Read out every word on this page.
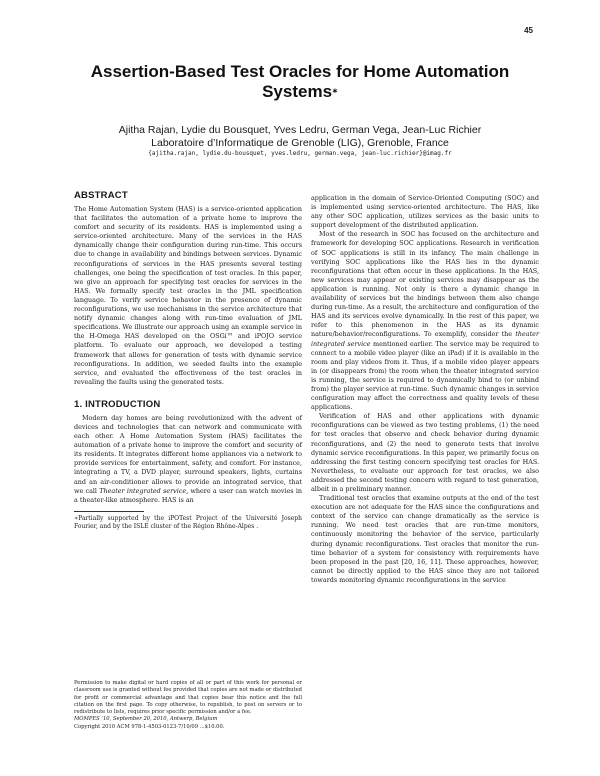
45
Assertion-Based Test Oracles for Home Automation Systems∗
Ajitha Rajan, Lydie du Bousquet, Yves Ledru, German Vega, Jean-Luc Richier
Laboratoire d’Informatique de Grenoble (LIG), Grenoble, France
{ajitha.rajan, lydie.du-bousquet, yves.ledru, german.vega, jean-luc.richier}@imag.fr
ABSTRACT

The Home Automation System (HAS) is a service-oriented application that facilitates the automation of a private home to improve the comfort and security of its residents. HAS is implemented using a service-oriented architecture. Many of the services in the HAS dynamically change their configuration during run-time. This occurs due to change in availability and bindings between services. Dynamic reconfigurations of services in the HAS presents several testing challenges, one being the specification of test oracles. In this paper, we give an approach for specifying test oracles for services in the HAS. We formally specify test oracles in the JML specification language. To verify service behavior in the presence of dynamic reconfigurations, we use mechanisms in the service architecture that notify dynamic changes along with run-time evaluation of JML specifications. We illustrate our approach using an example service in the H-Omega HAS developed on the OSGi™ and iPOJO service platform. To evaluate our approach, we developed a testing framework that allows for generation of tests with dynamic service reconfigurations. In addition, we seeded faults into the example service, and evaluated the effectiveness of the test oracles in revealing the faults using the generated tests.

1. INTRODUCTION

Modern day homes are being revolutionized with the advent of devices and technologies that can network and communicate with each other. A Home Automation System (HAS) facilitates the automation of a private home to improve the comfort and security of its residents. It integrates different home appliances via a network to provide services for entertainment, safety, and comfort. For instance, integrating a TV, a DVD player, surround speakers, lights, curtains and an air-conditioner allows to provide an integrated service, that we call Theater integrated service, where a user can watch movies in a theater-like atmosphere. HAS is an

∗Partially supported by the iPOTest Project of the Université Joseph Fourier, and by the ISLE cluster of the Région Rhône-Alpes .

Permission to make digital or hard copies of all or part of this work for personal or classroom use is granted without fee provided that copies are not made or distributed for profit or commercial advantage and that copies bear this notice and the full citation on the first page. To copy otherwise, to republish, to post on servers or to redistribute to lists, requires prior specific permission and/or a fee.

MOMPES ’10, September 20, 2010, Antwerp, Belgium

Copyright 2010 ACM 978-1-4503-0123-7/10/09 ...$10.00.

application in the domain of Service-Oriented Computing (SOC) and is implemented using service-oriented architecture. The HAS, like any other SOC application, utilizes services as the basic units to support development of the distributed application.

Most of the research in SOC has focused on the architecture and framework for developing SOC applications. Research in verification of SOC applications is still in its infancy. The main challenge in verifying SOC applications like the HAS lies in the dynamic reconfigurations that often occur in these applications. In the HAS, new services may appear or existing services may disappear as the application is running. Not only is there a dynamic change in availability of services but the bindings between them also change during run-time. As a result, the architecture and configuration of the HAS and its services evolve dynamically. In the rest of this paper, we refer to this phenomenon in the HAS as its dynamic nature/behavior/reconfigurations. To exemplify, consider the theater integrated service mentioned earlier. The service may be required to connect to a mobile video player (like an iPad) if it is available in the room and play videos from it. Thus, if a mobile video player appears in (or disappears from) the room when the theater integrated service is running, the service is required to dynamically bind to (or unbind from) the player service at run-time. Such dynamic changes in service configuration may affect the correctness and quality levels of these applications.

Verification of HAS and other applications with dynamic reconfigurations can be viewed as two testing problems, (1) the need for test oracles that observe and check behavior during dynamic reconfigurations, and (2) the need to generate tests that involve dynamic service reconfigurations. In this paper, we primarily focus on addressing the first testing concern specifying test oracles for HAS. Nevertheless, to evaluate our approach for test oracles, we also addressed the second testing concern with regard to test generation, albeit in a preliminary manner.

Traditional test oracles that examine outputs at the end of the test execution are not adequate for the HAS since the configurations and context of the service can change dramatically as the service is running. We need test oracles that are run-time monitors, continuously monitoring the behavior of the service, particularly during dynamic reconfigurations. Test oracles that monitor the run-time behavior of a system for consistency with requirements have been proposed in the past [20, 16, 11]. These approaches, however, cannot be directly applied to the HAS since they are not tailored towards monitoring dynamic reconfigurations in the service
